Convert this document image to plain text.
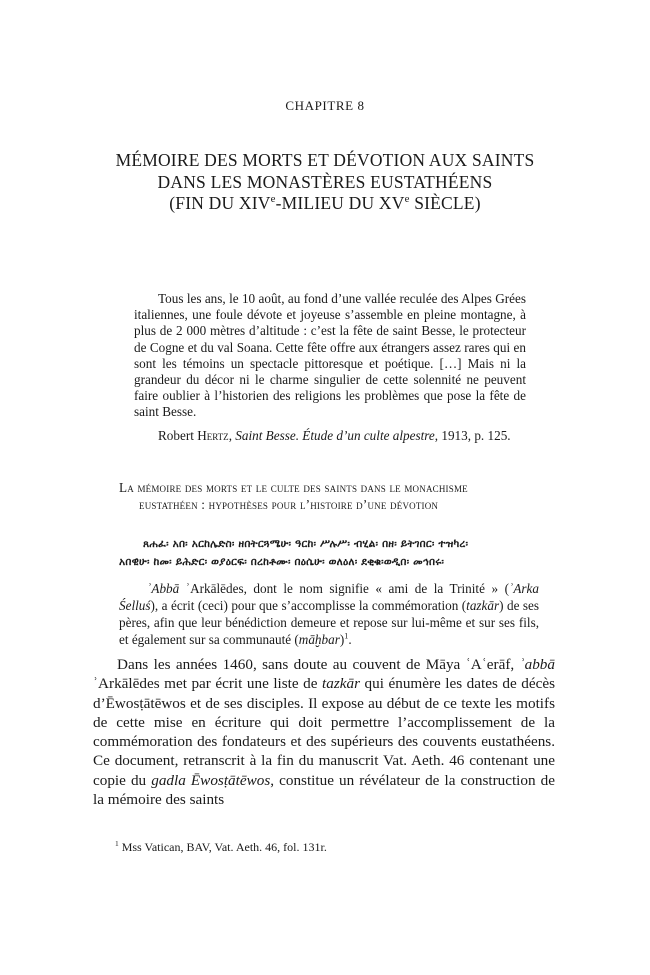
CHAPITRE 8
MÉMOIRE DES MORTS ET DÉVOTION AUX SAINTS
DANS LES MONASTÈRES EUSTATHÉENS
(FIN DU XIVe-MILIEU DU XVe SIÈCLE)
Tous les ans, le 10 août, au fond d’une vallée reculée des Alpes Grées italiennes, une foule dévote et joyeuse s’assemble en pleine montagne, à plus de 2 000 mètres d’altitude : c’est la fête de saint Besse, le protecteur de Cogne et du val Soana. Cette fête offre aux étrangers assez rares qui en sont les témoins un spectacle pittoresque et poétique. […] Mais ni la grandeur du décor ni le charme singulier de cette solennité ne peuvent faire oublier à l’historien des religions les problèmes que pose la fête de saint Besse.
Robert Hertz, Saint Besse. Étude d’un culte alpestre, 1913, p. 125.
La mémoire des morts et le culte des saints dans le monachisme
eustathéen : hypothèses pour l’histoire d’une dévotion
ጸሐፈ፡ አበ፡ አርከሌድስ፡ ዘበትርጓሜሁ፡ ዓርከ፡ ሥሉሥ፡ ብሂል፡ በዘ፡ ይትገበር፡ ተዝካረ፡
አበዊሁ፡ ከመ፡ ይሕድር፡ ወያዕርፍ፡ በረከቶሙ፡ በዕሴሁ፡ ወለዕለ፡ ደቂቁ፡ወዲበ፡ መኅበሩ፡

ʾAbbā ʾArkālēdes, dont le nom signifie « ami de la Trinité » (ʾArka Śelluś), a écrit (ceci) pour que s’accomplisse la commémoration (tazkār) de ses pères, afin que leur bénédiction demeure et repose sur lui-même et sur ses fils, et également sur sa communauté (māḫbar)$^1$.

Dans les années 1460, sans doute au couvent de Māya ʿAʿerāf, ʾabbā ʾArkālēdes met par écrit une liste de tazkār qui énumère les dates de décès d’Ēwosṭātēwos et de ses disciples. Il expose au début de ce texte les motifs de cette mise en écriture qui doit permettre l’accomplissement de la commémoration des fondateurs et des supérieurs des couvents eustathéens. Ce document, retranscrit à la fin du manuscrit Vat. Aeth. 46 contenant une copie du gadla Ēwosṭātēwos, constitue un révélateur de la construction de la mémoire des saints

$^1$ Mss Vatican, BAV, Vat. Aeth. 46, fol. 131r.
